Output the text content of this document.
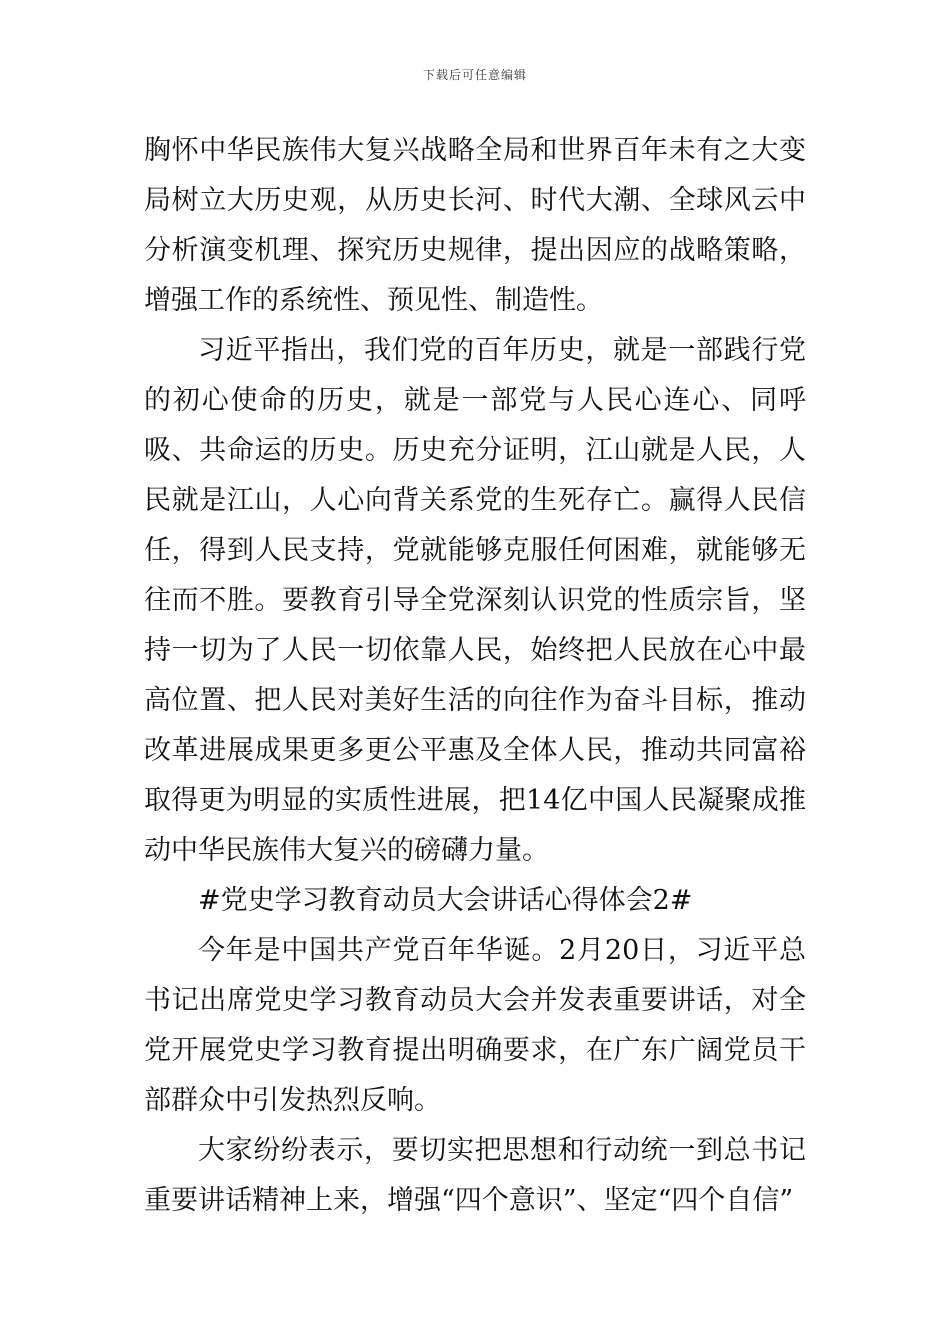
下载后可任意编辑

胸怀中华民族伟大复兴战略全局和世界百年未有之大变局树立大历史观，从历史长河、时代大潮、全球风云中分析演变机理、探究历史规律，提出因应的战略策略，增强工作的系统性、预见性、制造性。

习近平指出，我们党的百年历史，就是一部践行党的初心使命的历史，就是一部党与人民心连心、同呼吸、共命运的历史。历史充分证明，江山就是人民，人民就是江山，人心向背关系党的生死存亡。赢得人民信任，得到人民支持，党就能够克服任何困难，就能够无往而不胜。要教育引导全党深刻认识党的性质宗旨，坚持一切为了人民一切依靠人民，始终把人民放在心中最高位置、把人民对美好生活的向往作为奋斗目标，推动改革进展成果更多更公平惠及全体人民，推动共同富裕取得更为明显的实质性进展，把14亿中国人民凝聚成推动中华民族伟大复兴的磅礴力量。

#党史学习教育动员大会讲话心得体会2#

今年是中国共产党百年华诞。2月20日，习近平总书记出席党史学习教育动员大会并发表重要讲话，对全党开展党史学习教育提出明确要求，在广东广阔党员干部群众中引发热烈反响。

大家纷纷表示，要切实把思想和行动统一到总书记重要讲话精神上来，增强“四个意识”、坚定“四个自信”
